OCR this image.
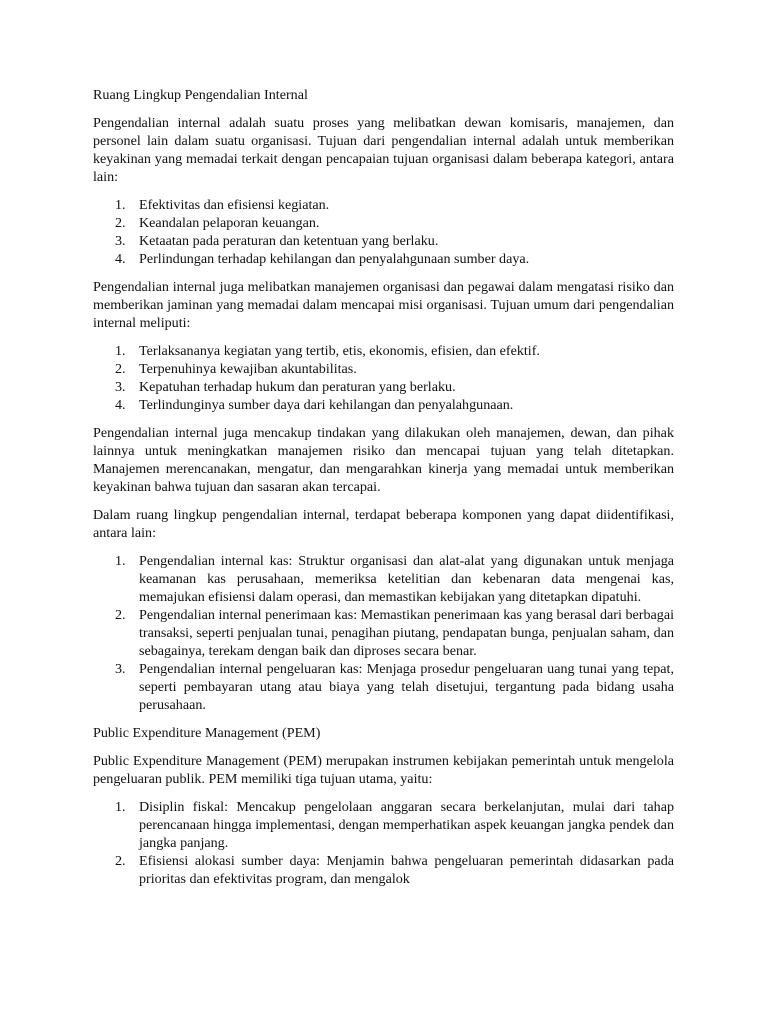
Ruang Lingkup Pengendalian Internal

Pengendalian internal adalah suatu proses yang melibatkan dewan komisaris, manajemen, dan personel lain dalam suatu organisasi. Tujuan dari pengendalian internal adalah untuk memberikan keyakinan yang memadai terkait dengan pencapaian tujuan organisasi dalam beberapa kategori, antara lain:

1. Efektivitas dan efisiensi kegiatan.
2. Keandalan pelaporan keuangan.
3. Ketaatan pada peraturan dan ketentuan yang berlaku.
4. Perlindungan terhadap kehilangan dan penyalahgunaan sumber daya.

Pengendalian internal juga melibatkan manajemen organisasi dan pegawai dalam mengatasi risiko dan memberikan jaminan yang memadai dalam mencapai misi organisasi. Tujuan umum dari pengendalian internal meliputi:

1. Terlaksananya kegiatan yang tertib, etis, ekonomis, efisien, dan efektif.
2. Terpenuhinya kewajiban akuntabilitas.
3. Kepatuhan terhadap hukum dan peraturan yang berlaku.
4. Terlindunginya sumber daya dari kehilangan dan penyalahgunaan.

Pengendalian internal juga mencakup tindakan yang dilakukan oleh manajemen, dewan, dan pihak lainnya untuk meningkatkan manajemen risiko dan mencapai tujuan yang telah ditetapkan. Manajemen merencanakan, mengatur, dan mengarahkan kinerja yang memadai untuk memberikan keyakinan bahwa tujuan dan sasaran akan tercapai.

Dalam ruang lingkup pengendalian internal, terdapat beberapa komponen yang dapat diidentifikasi, antara lain:

1. Pengendalian internal kas: Struktur organisasi dan alat-alat yang digunakan untuk menjaga keamanan kas perusahaan, memeriksa ketelitian dan kebenaran data mengenai kas, memajukan efisiensi dalam operasi, dan memastikan kebijakan yang ditetapkan dipatuhi.
2. Pengendalian internal penerimaan kas: Memastikan penerimaan kas yang berasal dari berbagai transaksi, seperti penjualan tunai, penagihan piutang, pendapatan bunga, penjualan saham, dan sebagainya, terekam dengan baik dan diproses secara benar.
3. Pengendalian internal pengeluaran kas: Menjaga prosedur pengeluaran uang tunai yang tepat, seperti pembayaran utang atau biaya yang telah disetujui, tergantung pada bidang usaha perusahaan.

Public Expenditure Management (PEM)

Public Expenditure Management (PEM) merupakan instrumen kebijakan pemerintah untuk mengelola pengeluaran publik. PEM memiliki tiga tujuan utama, yaitu:

1. Disiplin fiskal: Mencakup pengelolaan anggaran secara berkelanjutan, mulai dari tahap perencanaan hingga implementasi, dengan memperhatikan aspek keuangan jangka pendek dan jangka panjang.
2. Efisiensi alokasi sumber daya: Menjamin bahwa pengeluaran pemerintah didasarkan pada prioritas dan efektivitas program, dan mengalok
